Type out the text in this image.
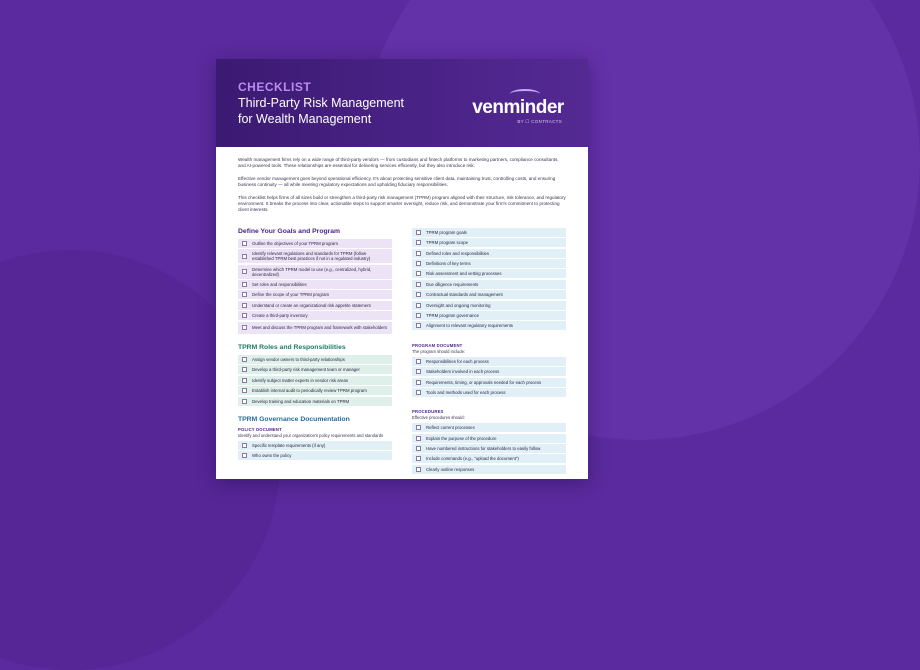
CHECKLIST
Third-Party Risk Management
for Wealth Management
venminder
BY ☐ CONTRACTS

Wealth management firms rely on a wide range of third-party vendors — from custodians and fintech platforms to marketing partners, compliance consultants, and AI-powered tools. These relationships are essential for delivering services efficiently, but they also introduce risk.

Effective vendor management goes beyond operational efficiency. It's about protecting sensitive client data, maintaining trust, controlling costs, and ensuring business continuity — all while meeting regulatory expectations and upholding fiduciary responsibilities.

This checklist helps firms of all sizes build or strengthen a third-party risk management (TPRM) program aligned with their structure, risk tolerance, and regulatory environment. It breaks the process into clear, actionable steps to support smarter oversight, reduce risk, and demonstrate your firm's commitment to protecting client interests.

Define Your Goals and Program
Outline the objectives of your TPRM program
Identify relevant regulations and standards for TPRM (follow established TPRM best practices if not in a regulated industry)
Determine which TPRM model to use (e.g., centralized, hybrid, decentralized)
Set roles and responsibilities
Define the scope of your TPRM program
Understand or create an organizational risk appetite statement
Create a third-party inventory
Meet and discuss the TPRM program and framework with stakeholders
TPRM Roles and Responsibilities
Assign vendor owners to third-party relationships
Develop a third-party risk management team or manager
Identify subject matter experts in vendor risk areas
Establish internal audit to periodically review TPRM program
Develop training and education materials on TPRM
TPRM Governance Documentation
POLICY DOCUMENT
Identify and understand your organization's policy requirements and standards
Specific template requirements (if any)
Who owns the policy
TPRM program goals
TPRM program scope
Defined roles and responsibilities
Definitions of key terms
Risk assessment and vetting processes
Due diligence requirements
Contractual standards and management
Oversight and ongoing monitoring
TPRM program governance
Alignment to relevant regulatory requirements
PROGRAM DOCUMENT
The program should include:
Responsibilities for each process
Stakeholders involved in each process
Requirements, timing, or approvals needed for each process
Tools and methods used for each process
PROCEDURES
Effective procedures should:
Reflect current processes
Explain the purpose of the procedure
Have numbered instructions for stakeholders to easily follow
Include commands (e.g., "upload the document")
Clearly outline responses
